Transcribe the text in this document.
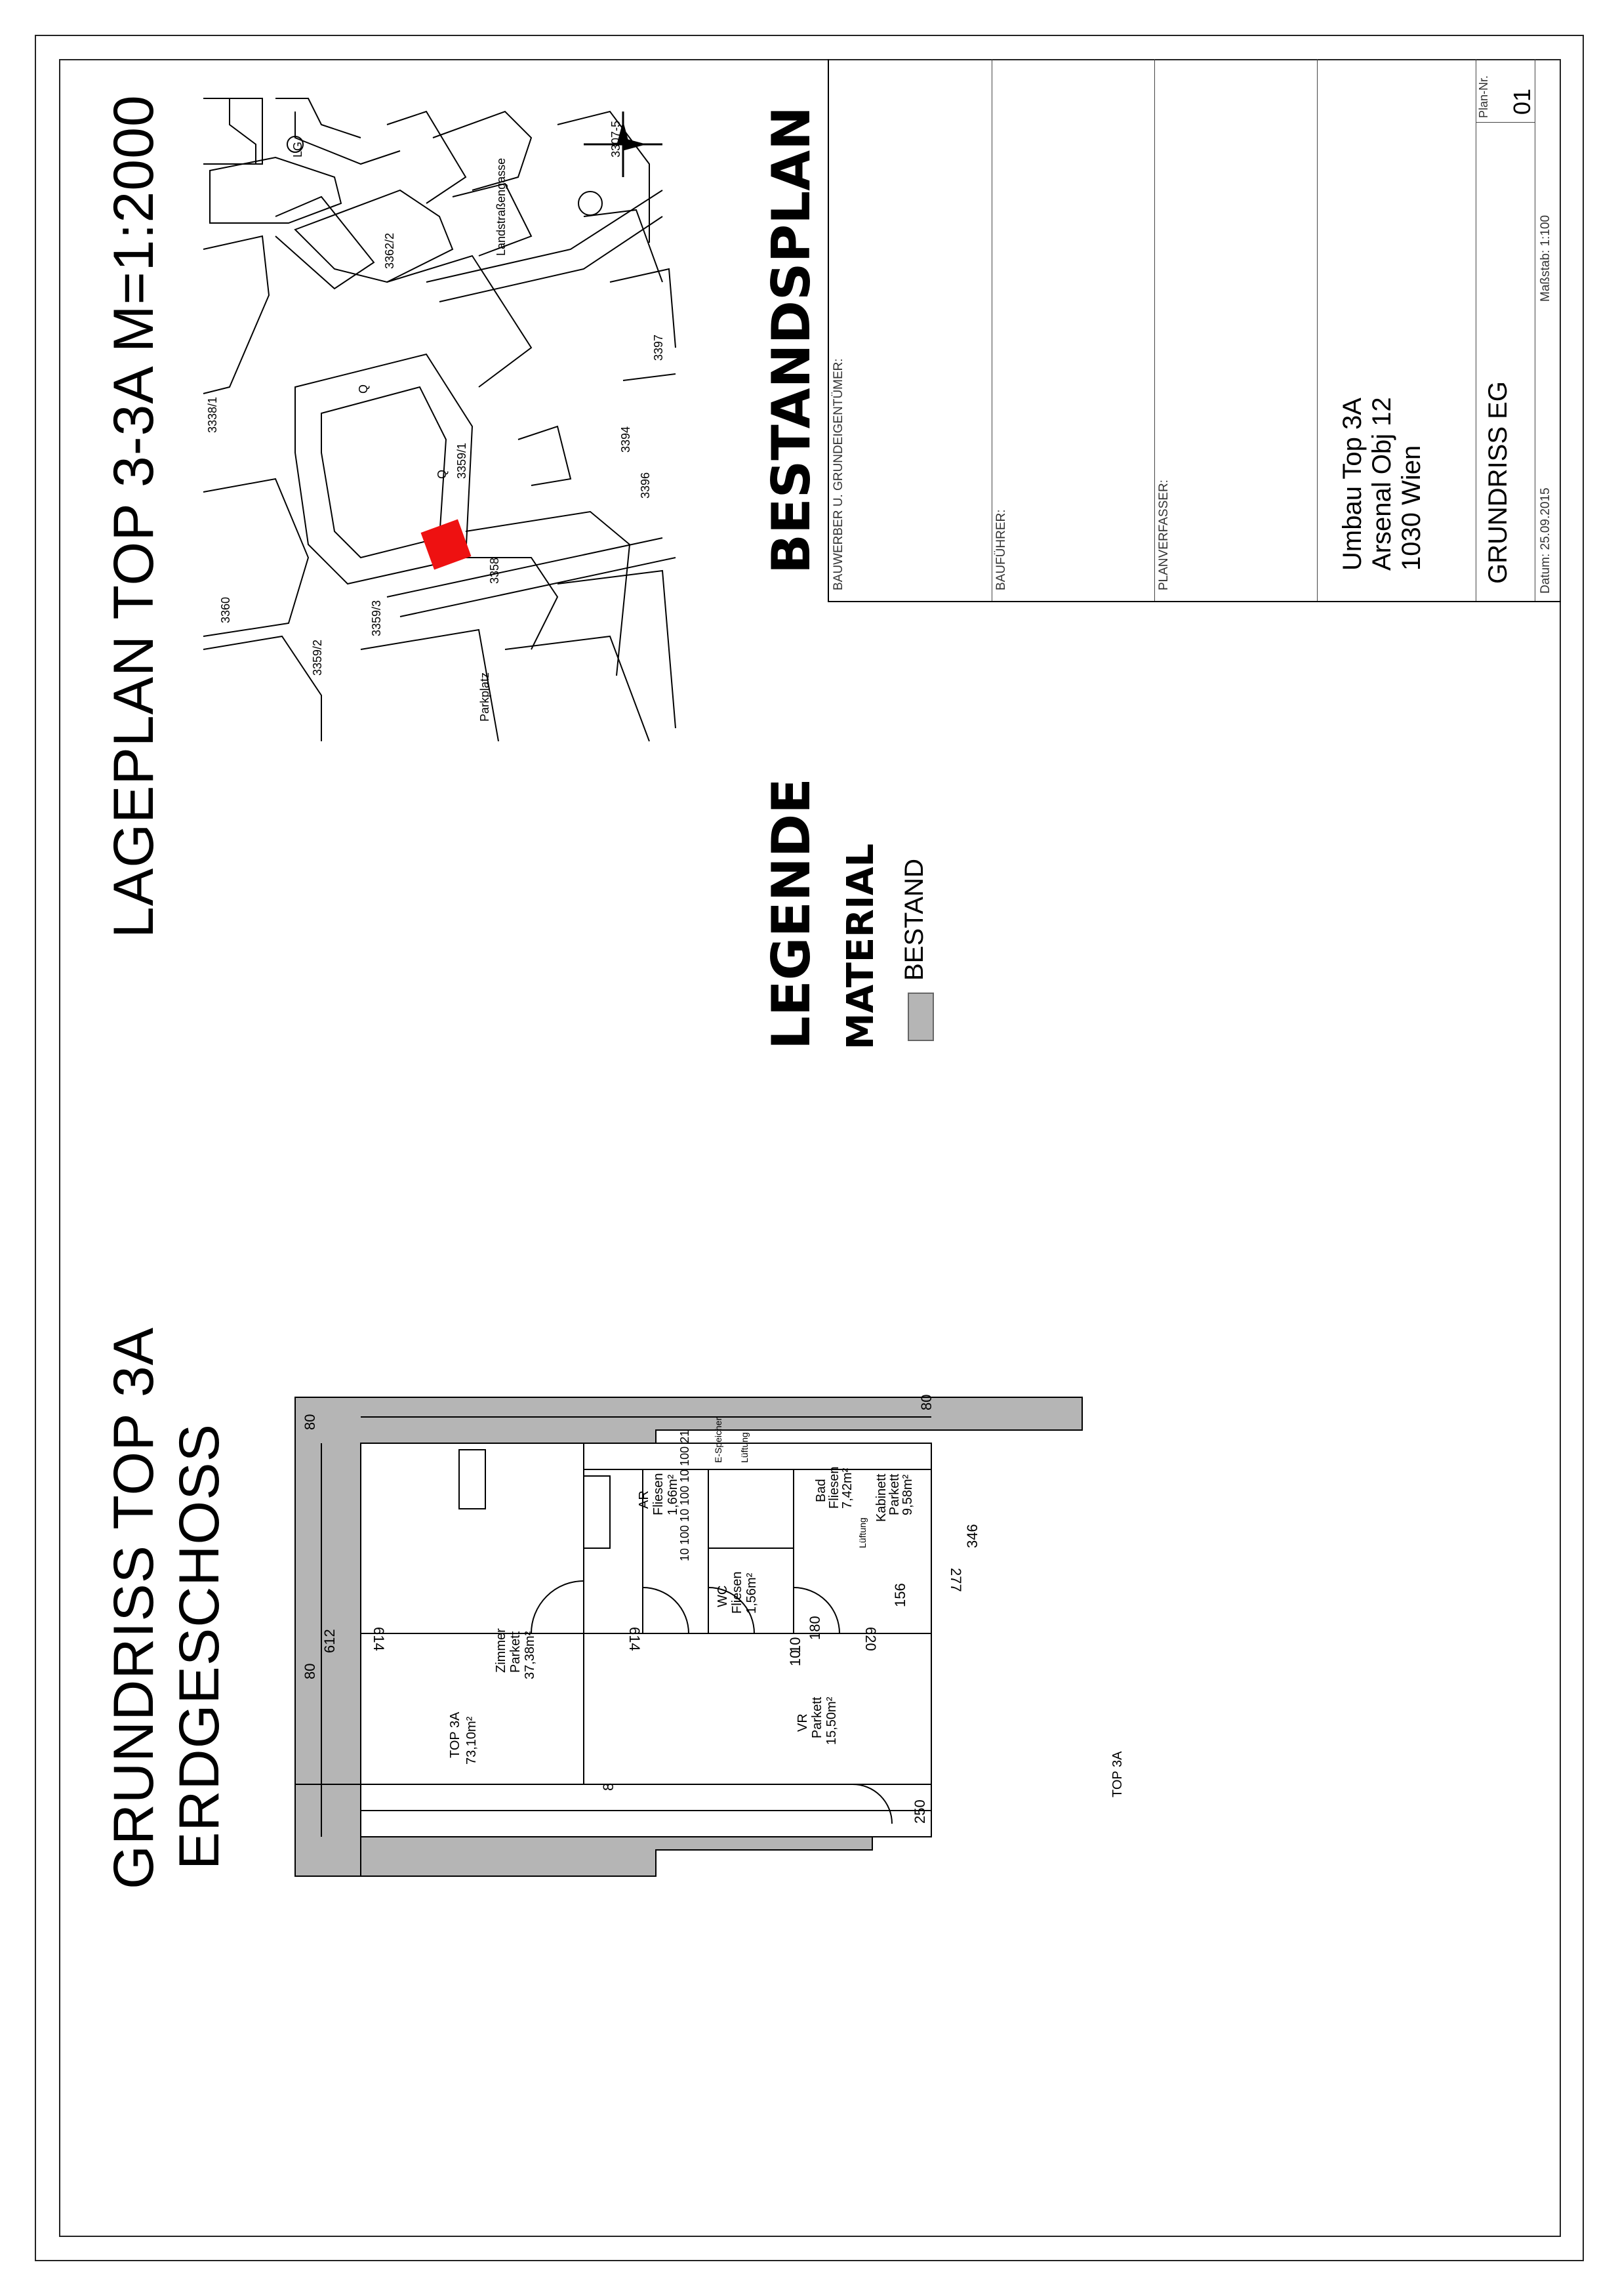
GRUNDRISS TOP 3A ERDGESCHOSS
LAGEPLAN TOP 3-3A M=1:2000	BESTANDSPLAN
LEGENDE MATERIAL BESTAND
3338/1
3362/2
3397
3359/1
3360
3359/2
3359/3
3358
3396
3394
3307-5
Landstraßengasse
Parkplatz
LG
Q
Q
TOP 3A 73,10m²
Zimmer Parkett 37,38m²
AR Fliesen 1,66m²
WC Fliesen 1,56m²
VR Parkett 15,50m²
Bad
Fliesen
7,42m² Kabinett
Parkett
9,58m²
E-Speicher Lüftung
Lüftung
TOP 3A
80
80
80
612 614	614	620
250
156
180
346
277
10
10
8
10 100 10 100 10 100 21
BAUWERBER U. GRUNDEIGENTÜMER:	BAUFÜHRER:	PLANVERFASSER:	Umbau Top 3A Arsenal Obj 12 1030 Wien GRUNDRISS EG Datum: 25.09.2015
Maßstab: 1:100
Plan-Nr. 01
